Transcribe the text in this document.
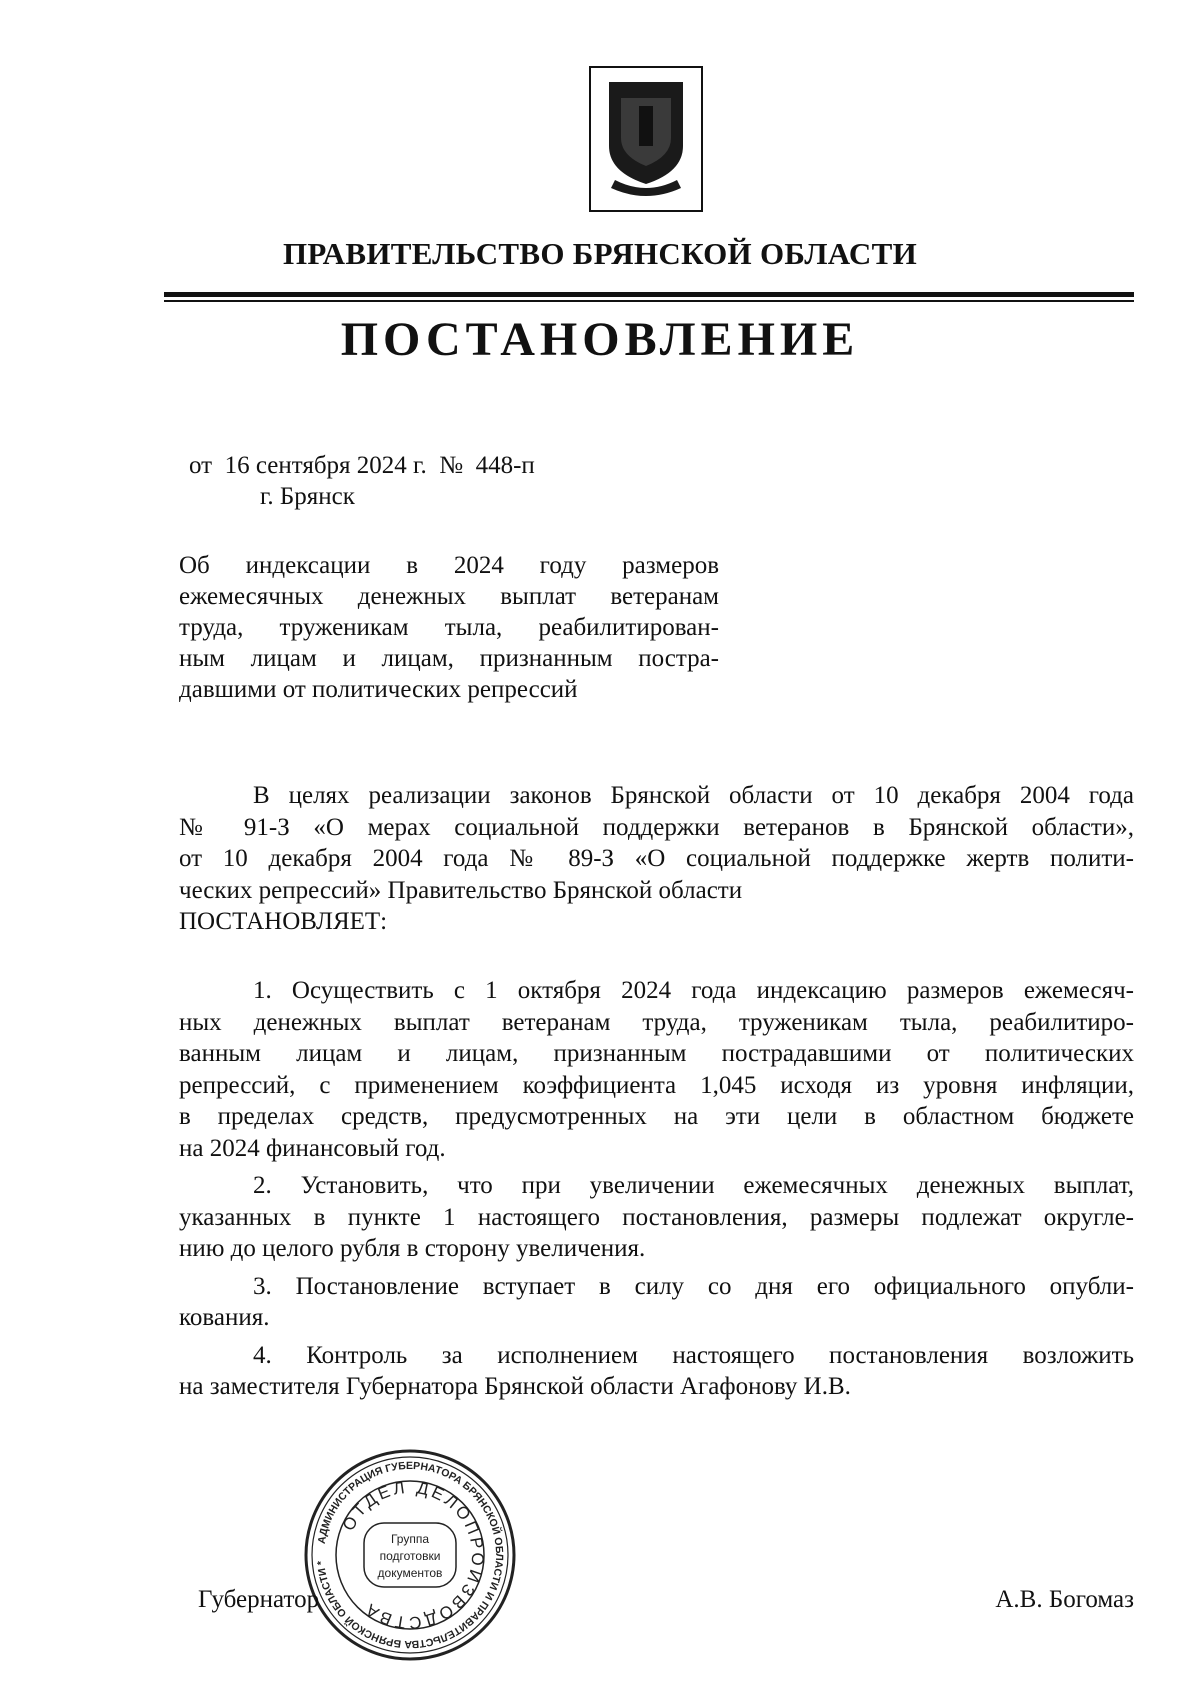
ПРАВИТЕЛЬСТВО БРЯНСКОЙ ОБЛАСТИ
ПОСТАНОВЛЕНИЕ
от  16 сентября 2024 г.  №  448-п
г. Брянск
Об индексации в 2024 году размеров
ежемесячных денежных выплат ветеранам
труда, труженикам тыла, реабилитирован-
ным лицам и лицам, признанным постра-
давшими от политических репрессий
В целях реализации законов Брянской области от 10 декабря 2004 года
№ 91-З «О мерах социальной поддержки ветеранов в Брянской области»,
от 10 декабря 2004 года № 89-З «О социальной поддержке жертв полити-
ческих репрессий» Правительство Брянской области
ПОСТАНОВЛЯЕТ:
1. Осуществить с 1 октября 2024 года индексацию размеров ежемесяч-
ных денежных выплат ветеранам труда, труженикам тыла, реабилитиро-
ванным лицам и лицам, признанным пострадавшими от политических
репрессий, с применением коэффициента 1,045 исходя из уровня инфляции,
в пределах средств, предусмотренных на эти цели в областном бюджете
на 2024 финансовый год.
2. Установить, что при увеличении ежемесячных денежных выплат,
указанных в пункте 1 настоящего постановления, размеры подлежат округле-
нию до целого рубля в сторону увеличения.
3. Постановление вступает в силу со дня его официального опубли-
кования.
4. Контроль за исполнением настоящего постановления возложить
на заместителя Губернатора Брянской области Агафонову И.В.
АДМИНИСТРАЦИЯ ГУБЕРНАТОРА БРЯНСКОЙ ОБЛАСТИ И ПРАВИТЕЛЬСТВА БРЯНСКОЙ ОБЛАСТИ *
ОТДЕЛ ДЕЛОПРОИЗВОДСТВА
Группа
подготовки
документов
Губернатор	А.В. Богомаз
